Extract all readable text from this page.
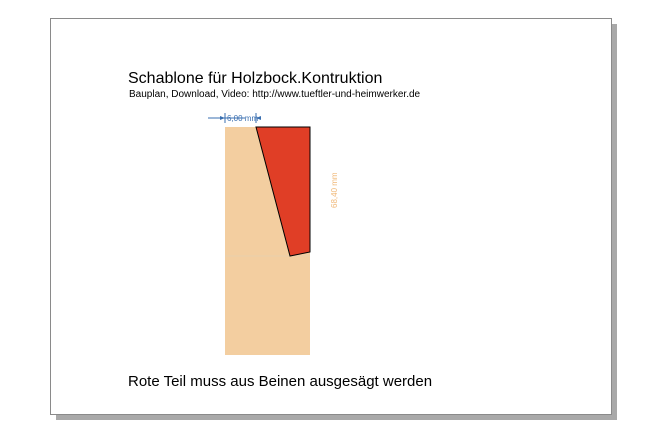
Schablone für Holzbock.Kontruktion
Bauplan, Download, Video: http://www.tueftler-und-heimwerker.de
6,00 mm
68,40 mm
Rote Teil muss aus Beinen ausgesägt werden
